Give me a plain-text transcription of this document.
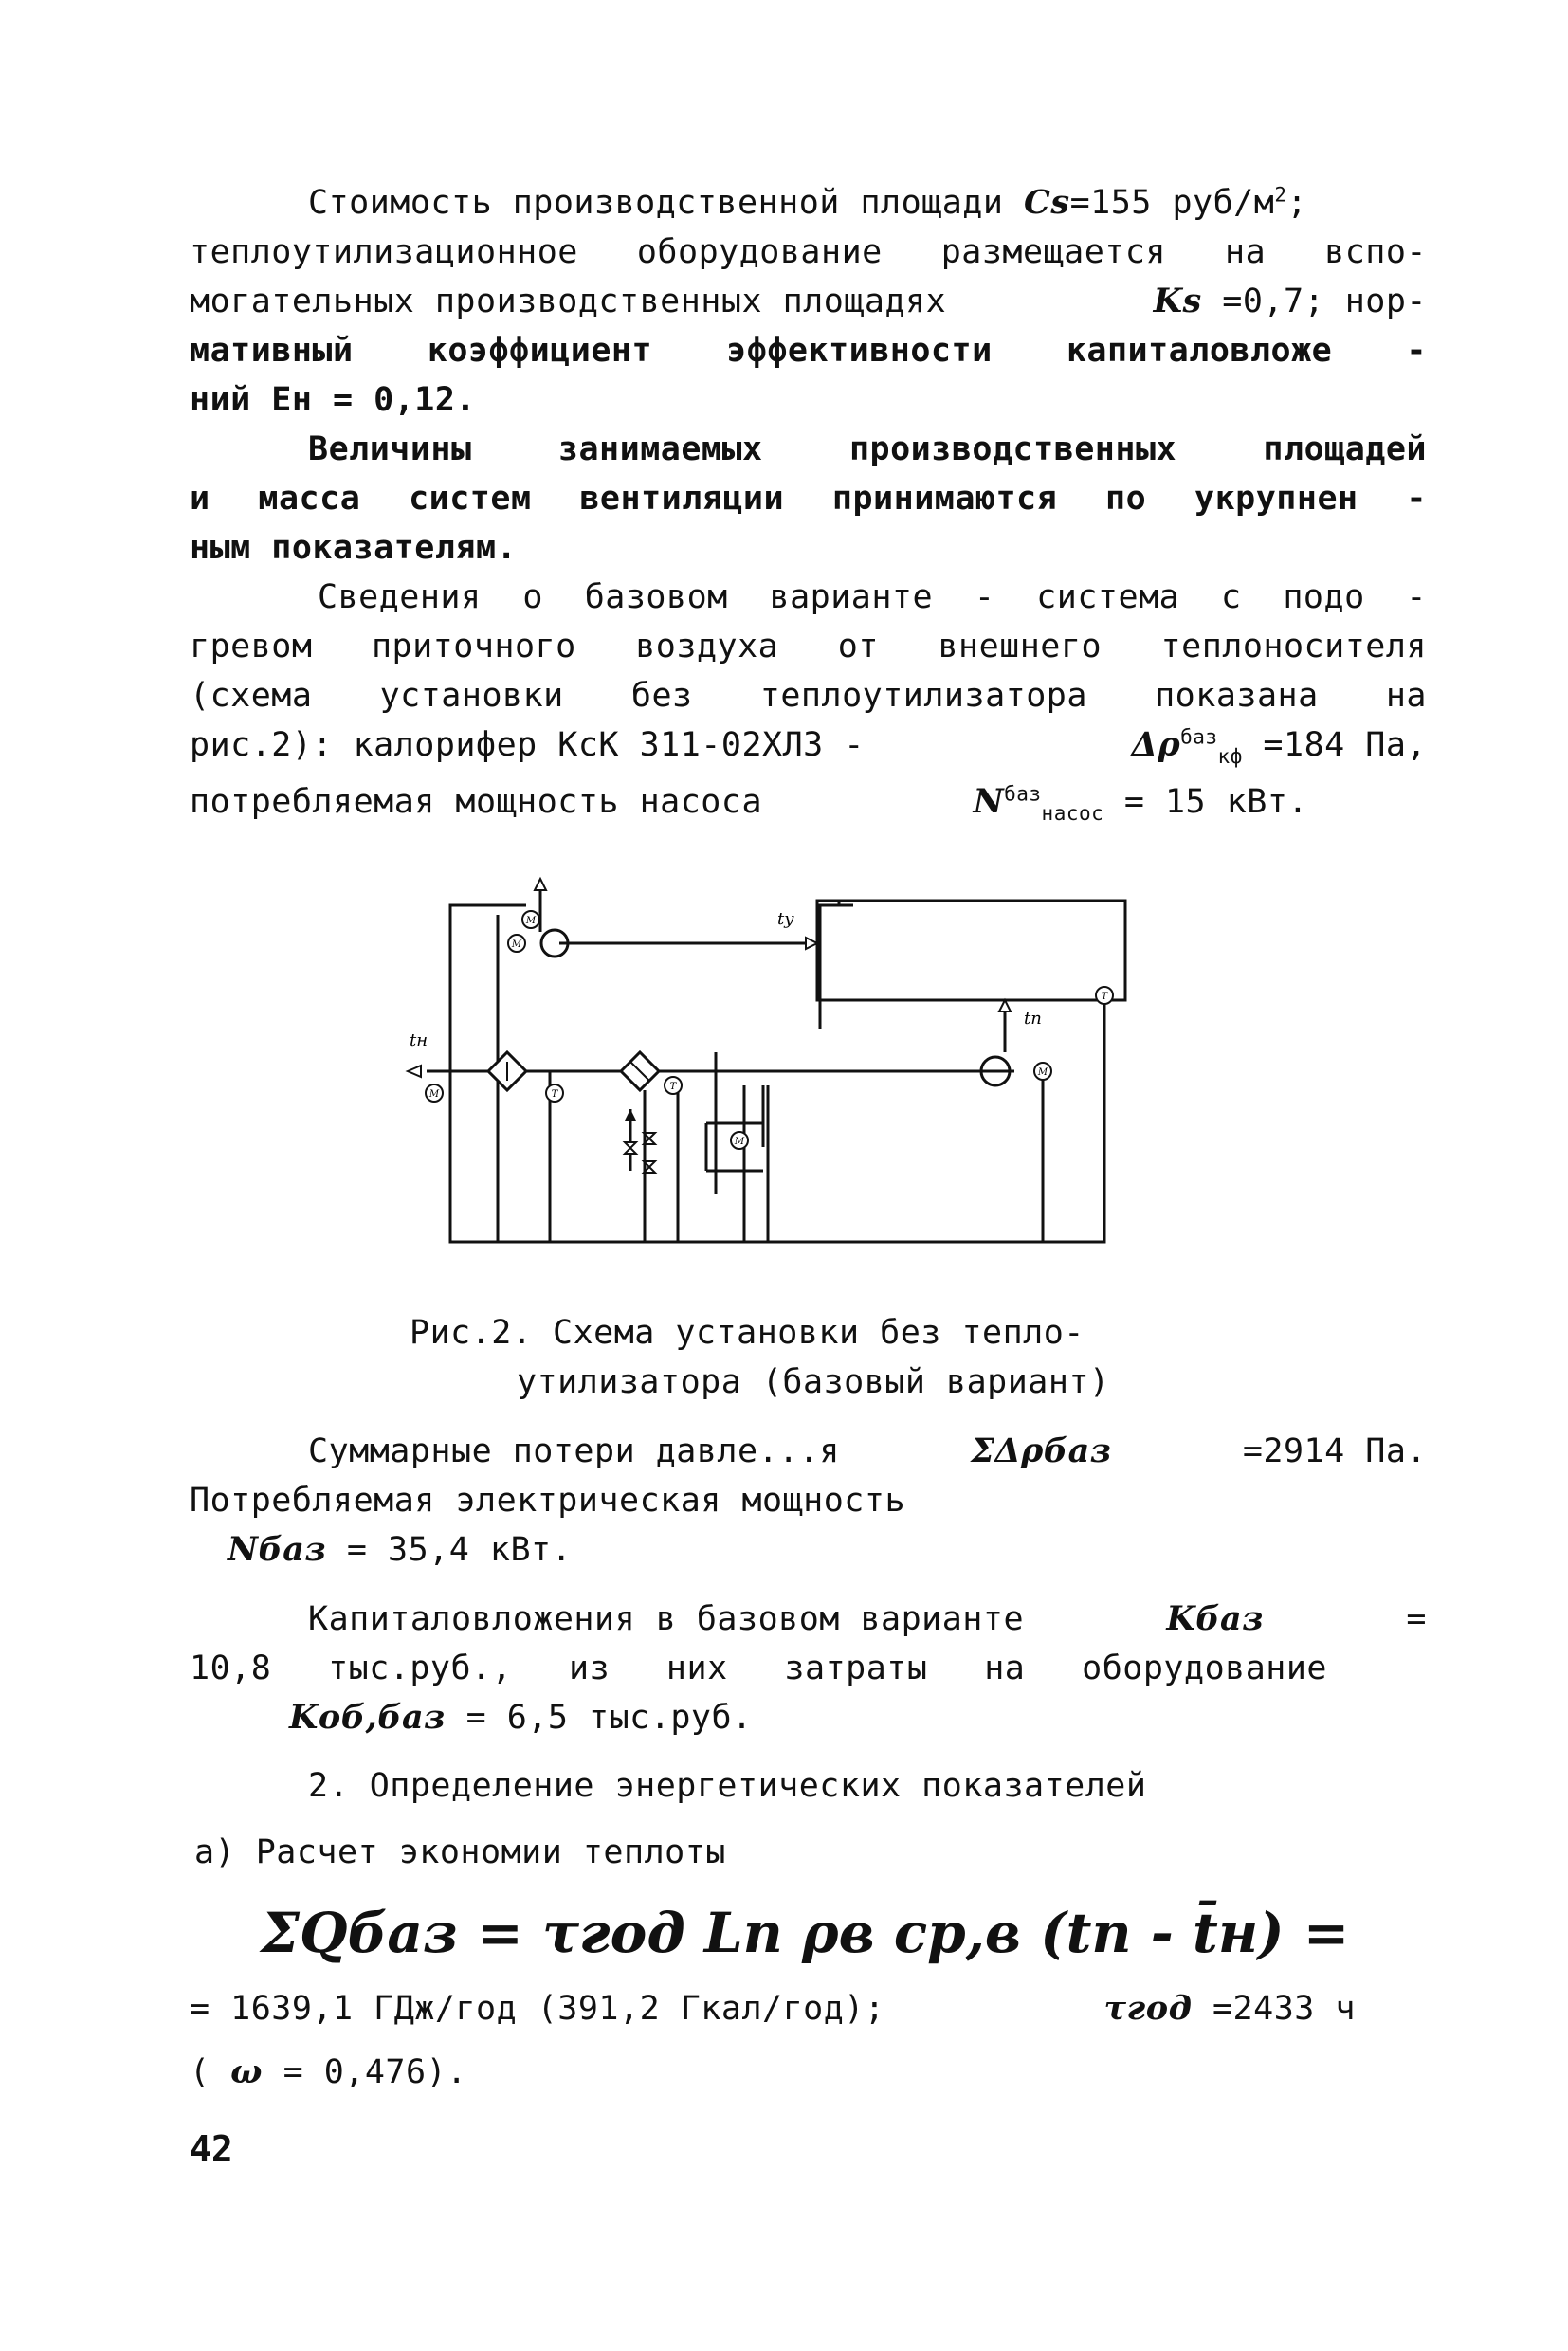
Стоимость производственной площади Cs=155 руб/$м^2$;
теплоутилизационное оборудование размещается на вспо-
могательных производственных площадях	Ks =0,7; нор-
мативный коэффициент эффективности капиталовложе -
ний Ен = 0,12.
Величины занимаемых производственных площадей
и масса систем вентиляции принимаются по укрупнен -
ным показателям.
Сведения о базовом варианте - система с подо -
гревом приточного воздуха от внешнего теплоносителя
(схема установки без теплоутилизатора показана на
рис.2): калорифер КсК 311-02ХЛЗ -	$\Delta\rho^{баз}_{кф} =184$ Па,
потребляемая мощность насоса	$N^{баз}_{насос} = 15$ кВт.
M
M	tу
M
tп
T
tн
M	T
T
M
Рис.2. Схема установки без тепло-
утилизатора (базовый вариант)
Суммарные потери давле...я	ΣΔρбаз	=2914 Па.
Потребляемая электрическая мощность
Nбаз = 35,4 кВт.
Капиталовложения в базовом варианте	Kбаз	=
10,8 тыс.руб., из них затраты на оборудование
Kоб,баз = 6,5 тыс.руб.
2. Определение энергетических показателей
а) Расчет экономии теплоты
ΣQбаз = τгод Lп ρв cр,в (tп - t̄н) =
= 1639,1 ГДж/год (391,2 Гкал/год);	τгод =2433 ч
( ω = 0,476).
42
